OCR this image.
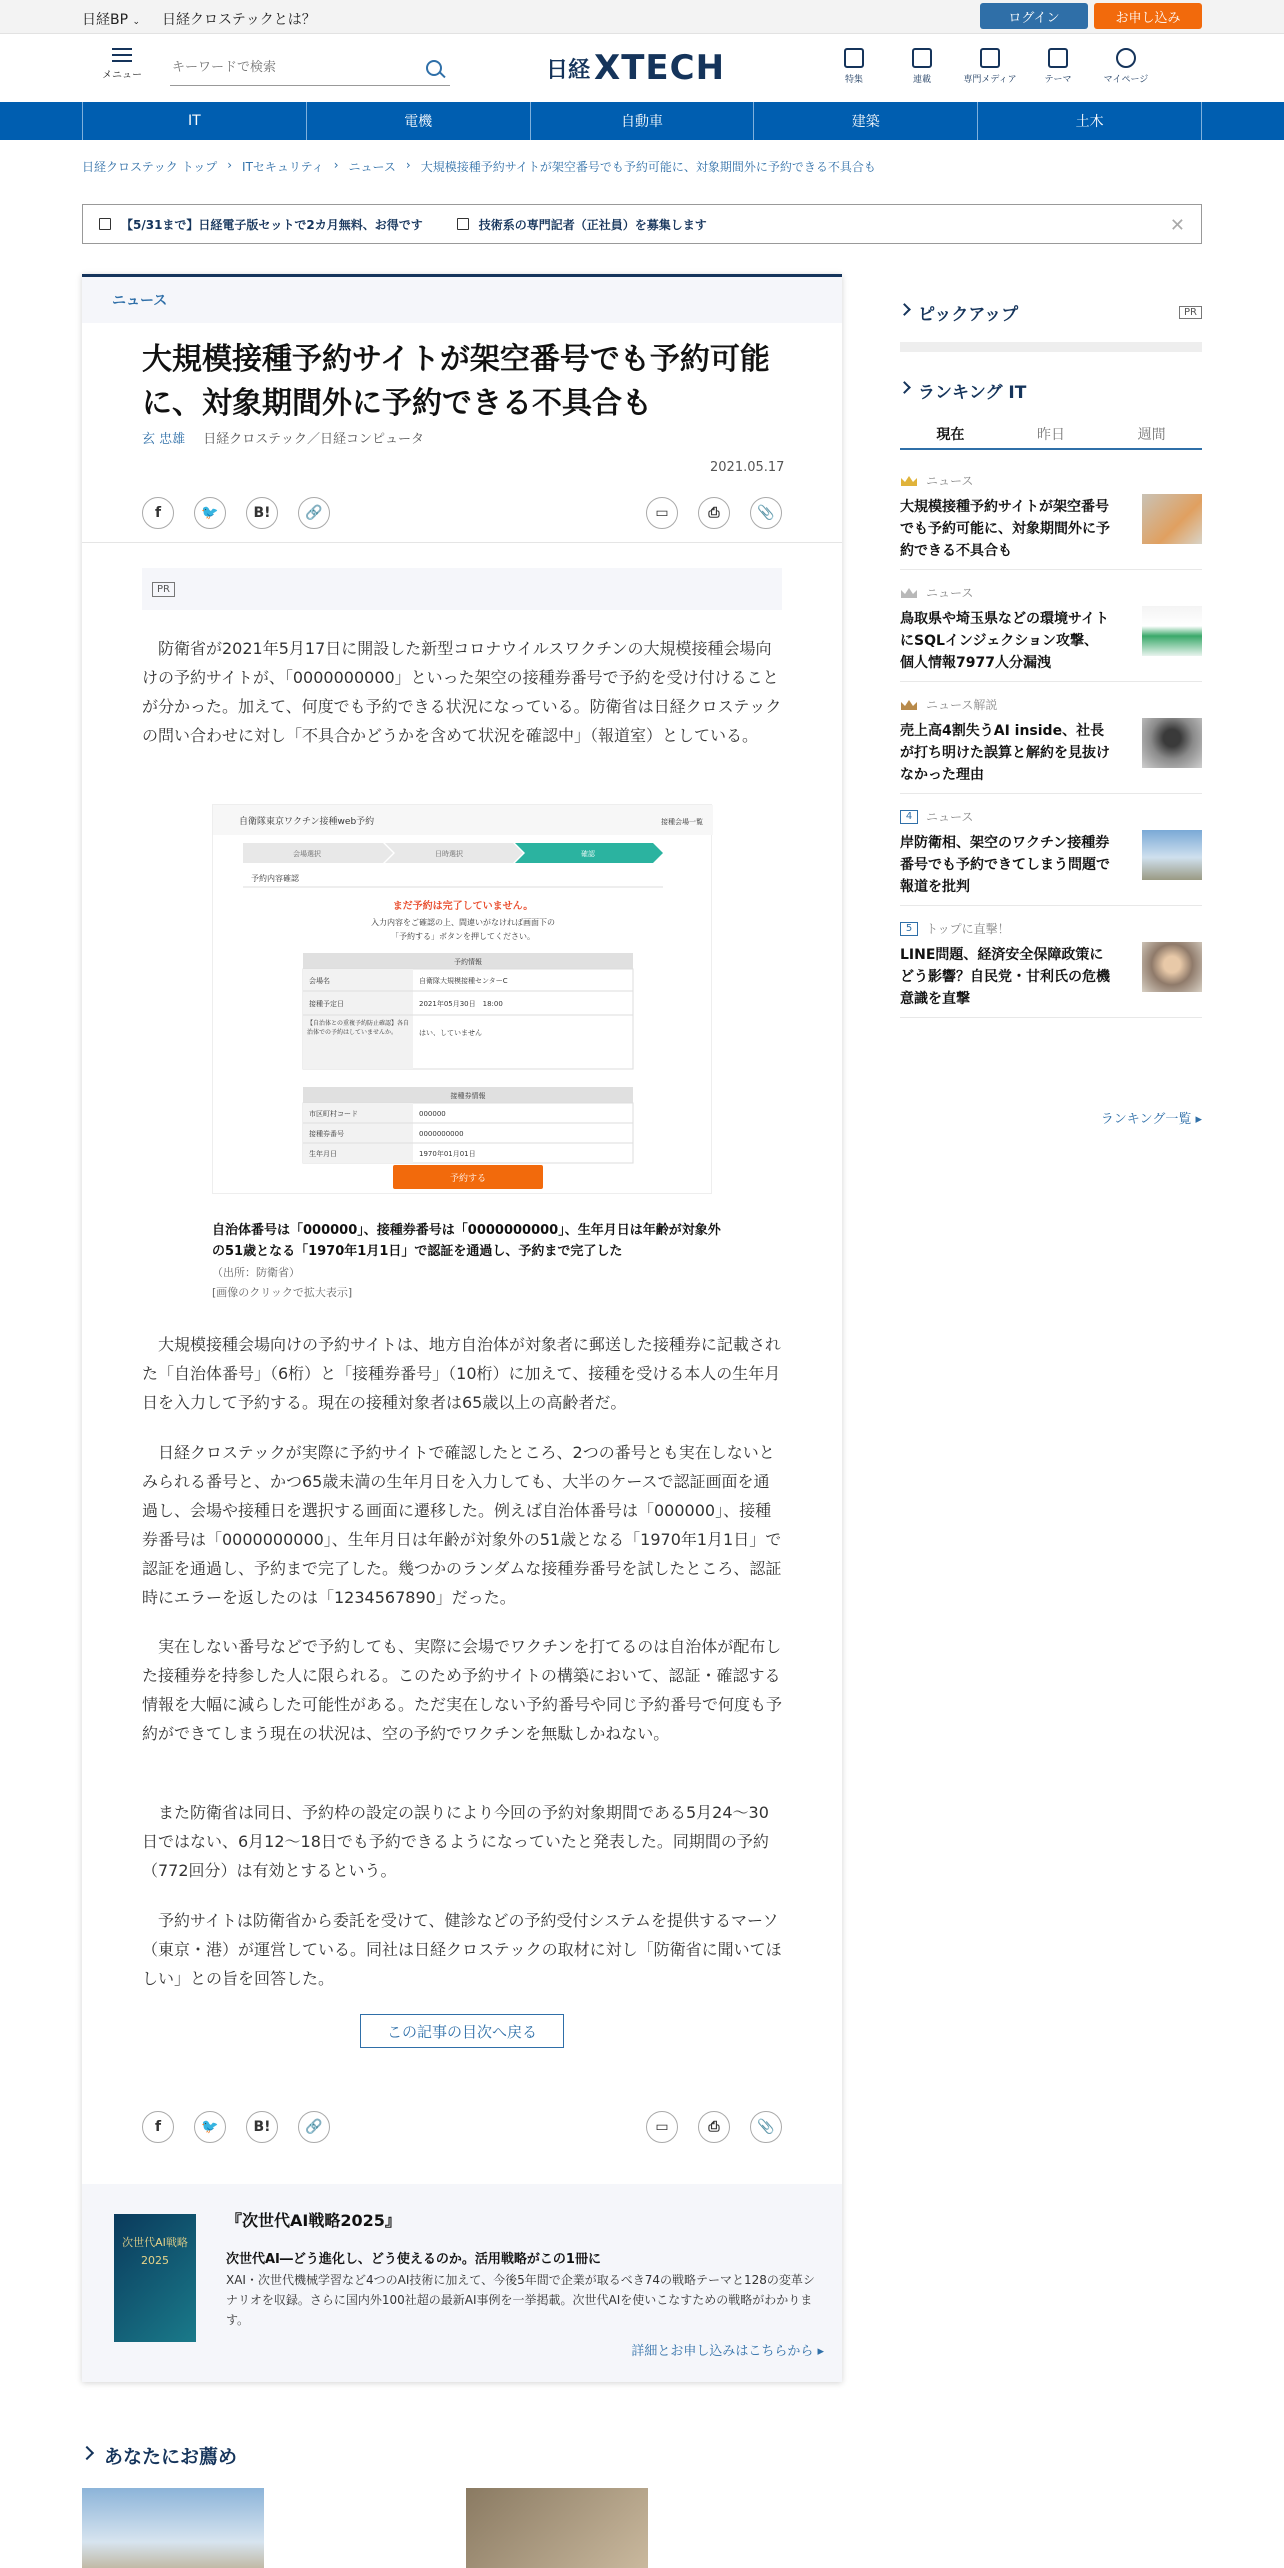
日経BP ⌄ 日経クロステックとは？	ログイン	お申し込み
メニュー
キーワードで検索	日経 XTECH	特集	連載	専門メディア	テーマ	マイページ
IT	電機	自動車	建築	土木
日経クロステック トップ › ITセキュリティ › ニュース › 大規模接種予約サイトが架空番号でも予約可能に、対象期間外に予約できる不具合も
【5/31まで】日経電子版セットで2カ月無料、お得です	技術系の専門記者（正社員）を募集します	✕
ニュース
大規模接種予約サイトが架空番号でも予約可能に、対象期間外に予約できる不具合も
玄 忠雄 日経クロステック／日経コンピュータ
2021.05.17
f	🐦	B!	🔗	▭	⎙	📎
PR

防衛省が2021年5月17日に開設した新型コロナウイルスワクチンの大規模接種会場向けの予約サイトが、「0000000000」といった架空の接種券番号で予約を受け付けることが分かった。加えて、何度でも予約できる状況になっている。防衛省は日経クロステックの問い合わせに対し「不具合かどうかを含めて状況を確認中」（報道室）としている。

自衛隊東京ワクチン接種web予約	接種会場一覧
会場選択	日時選択	確認
予約内容確認
まだ予約は完了していません。
入力内容をご確認の上、間違いがなければ画面下の
「予約する」ボタンを押してください。
予約情報
会場名	自衛隊大規模接種センターC
接種予定日	2021年05月30日　18:00
【自治体との重複予約防止確認】各自治体での予約はしていませんか。	はい、していません
接種券情報
市区町村コード	000000
接種券番号	0000000000
生年月日	1970年01月01日
予約する
自治体番号は「000000」、接種券番号は「0000000000」、生年月日は年齢が対象外の51歳となる「1970年1月1日」で認証を通過し、予約まで完了した
（出所：防衛省）
[画像のクリックで拡大表示]

大規模接種会場向けの予約サイトは、地方自治体が対象者に郵送した接種券に記載された「自治体番号」（6桁）と「接種券番号」（10桁）に加えて、接種を受ける本人の生年月日を入力して予約する。現在の接種対象者は65歳以上の高齢者だ。

日経クロステックが実際に予約サイトで確認したところ、2つの番号とも実在しないとみられる番号と、かつ65歳未満の生年月日を入力しても、大半のケースで認証画面を通過し、会場や接種日を選択する画面に遷移した。例えば自治体番号は「000000」、接種券番号は「0000000000」、生年月日は年齢が対象外の51歳となる「1970年1月1日」で認証を通過し、予約まで完了した。幾つかのランダムな接種券番号を試したところ、認証時にエラーを返したのは「1234567890」だった。

実在しない番号などで予約しても、実際に会場でワクチンを打てるのは自治体が配布した接種券を持参した人に限られる。このため予約サイトの構築において、認証・確認する情報を大幅に減らした可能性がある。ただ実在しない予約番号や同じ予約番号で何度も予約ができてしまう現在の状況は、空の予約でワクチンを無駄しかねない。

また防衛省は同日、予約枠の設定の誤りにより今回の予約対象期間である5月24～30日ではない、6月12～18日でも予約できるようになっていたと発表した。同期間の予約（772回分）は有効とするという。

予約サイトは防衛省から委託を受けて、健診などの予約受付システムを提供するマーソ（東京・港）が運営している。同社は日経クロステックの取材に対し「防衛省に聞いてほしい」との旨を回答した。

この記事の目次へ戻る
f	🐦	B!	🔗	▭	⎙	📎
次世代AI戦略2025
『次世代AI戦略2025』
次世代AI―どう進化し、どう使えるのか。活用戦略がこの1冊に
XAI・次世代機械学習など4つのAI技術に加えて、今後5年間で企業が取るべき74の戦略テーマと128の変革シナリオを収録。さらに国内外100社超の最新AI事例を一挙掲載。次世代AIを使いこなすための戦略がわかります。
詳細とお申し込みはこちらから ▸
ピックアップ	PR
ランキング IT
現在	昨日	週間
ニュース
大規模接種予約サイトが架空番号でも予約可能に、対象期間外に予約できる不具合も
ニュース
鳥取県や埼玉県などの環境サイトにSQLインジェクション攻撃、個人情報7977人分漏洩
ニュース解説
売上高4割失うAI inside、社長が打ち明けた誤算と解約を見抜けなかった理由
4	ニュース
岸防衛相、架空のワクチン接種券番号でも予約できてしまう問題で報道を批判
5	トップに直撃！
LINE問題、経済安全保障政策にどう影響？自民党・甘利氏の危機意識を直撃
ランキング一覧 ▸
あなたにお薦め
